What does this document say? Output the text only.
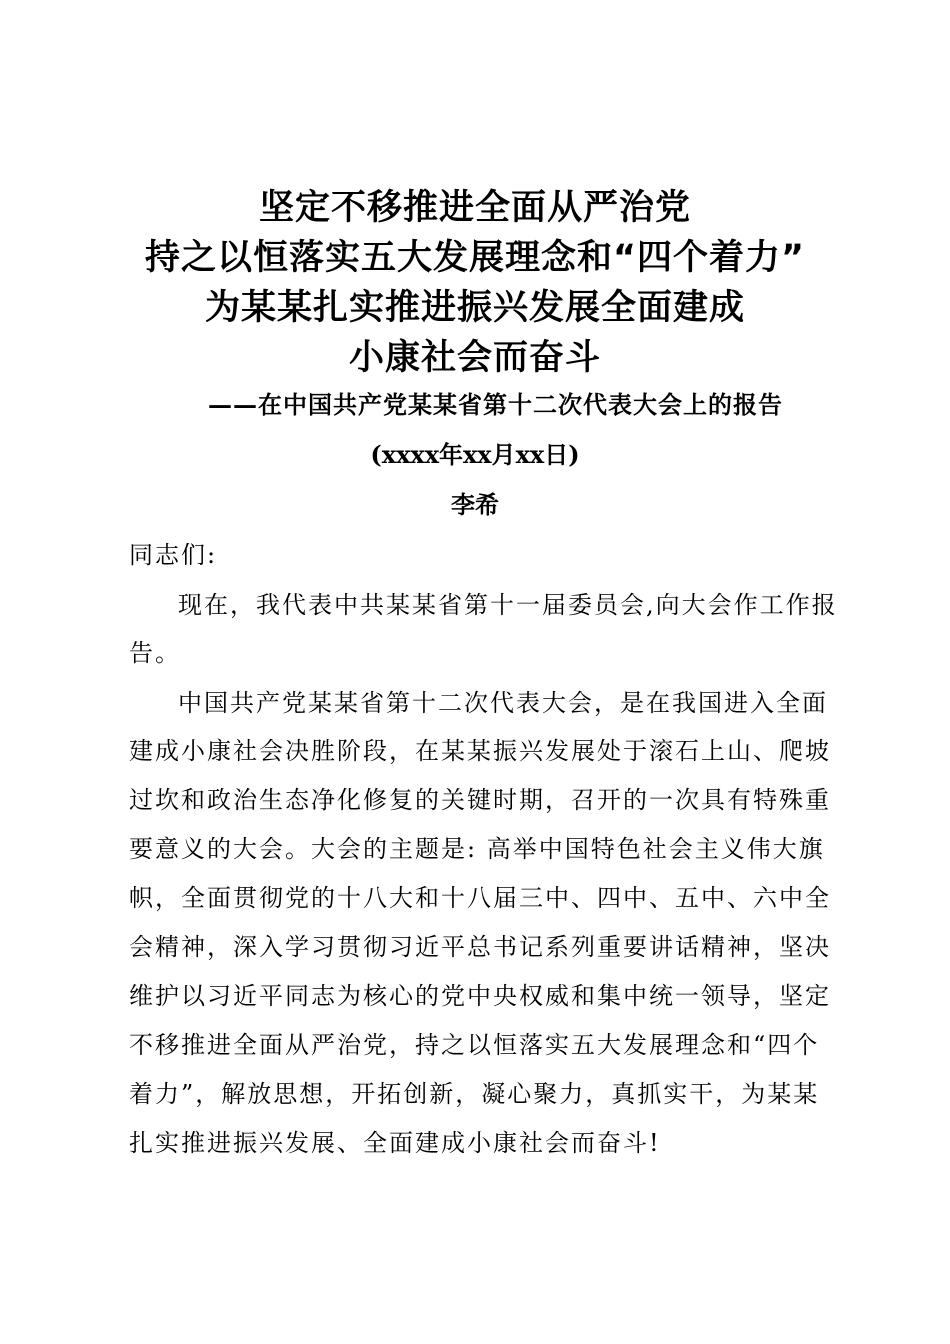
坚定不移推进全面从严治党
持之以恒落实五大发展理念和“四个着力”
为某某扎实推进振兴发展全面建成
小康社会而奋斗
——在中国共产党某某省第十二次代表大会上的报告
(xxxx年xx月xx日)
李希
同志们:
现在，我代表中共某某省第十一届委员会,向大会作工作报
告。
中国共产党某某省第十二次代表大会，是在我国进入全面
建成小康社会决胜阶段，在某某振兴发展处于滚石上山、爬坡
过坎和政治生态净化修复的关键时期，召开的一次具有特殊重
要意义的大会。大会的主题是: 高举中国特色社会主义伟大旗
帜，全面贯彻党的十八大和十八届三中、四中、五中、六中全
会精神，深入学习贯彻习近平总书记系列重要讲话精神，坚决
维护以习近平同志为核心的党中央权威和集中统一领导，坚定
不移推进全面从严治党，持之以恒落实五大发展理念和“四个
着力”，解放思想，开拓创新，凝心聚力，真抓实干，为某某
扎实推进振兴发展、全面建成小康社会而奋斗!
